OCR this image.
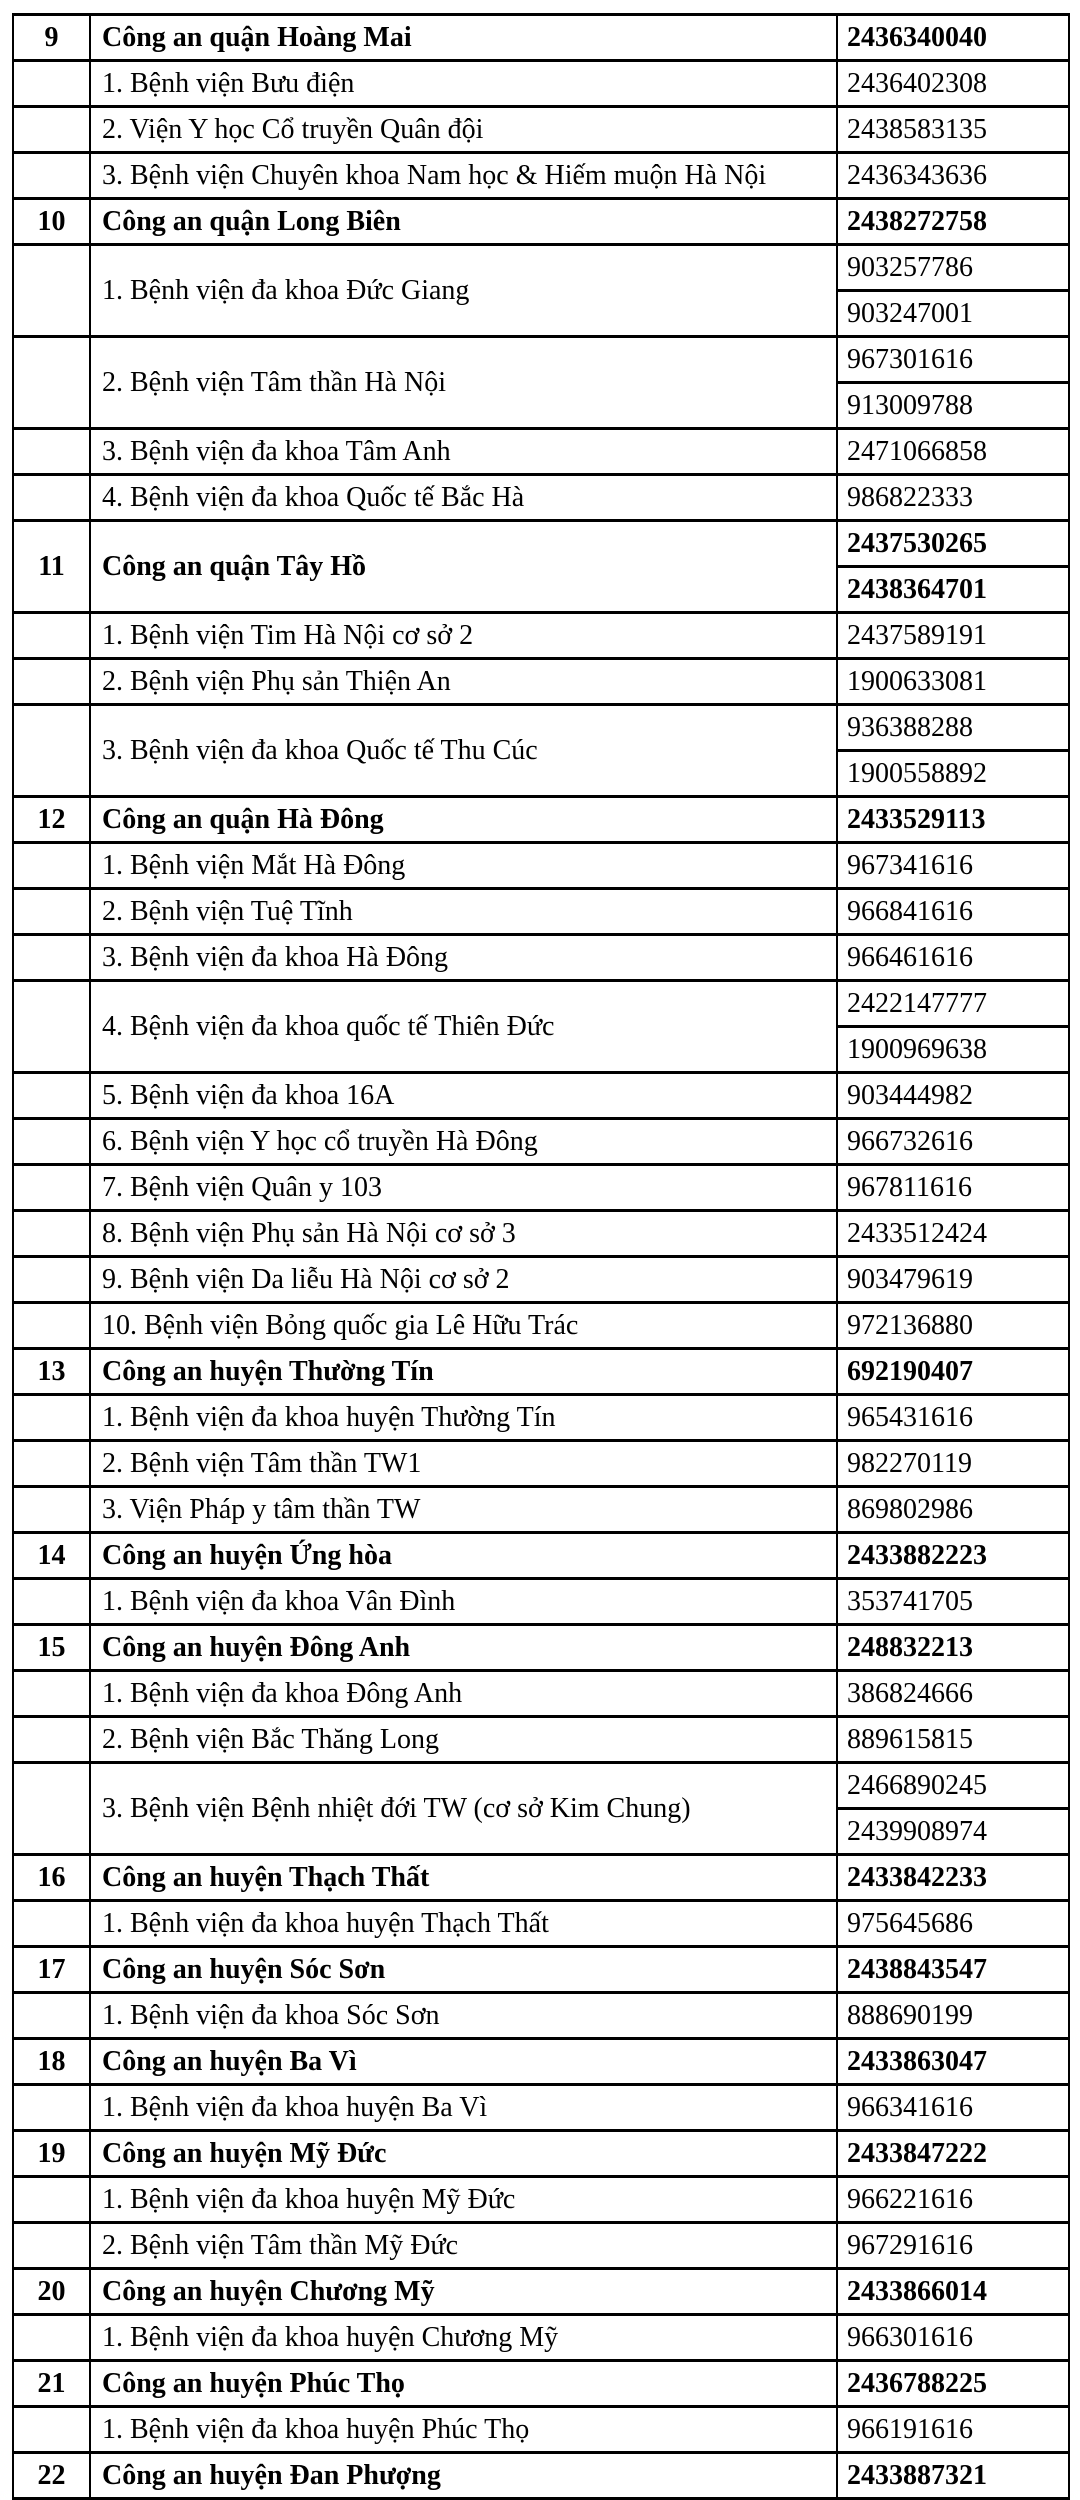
9	Công an quận Hoàng Mai	2436340040
	1. Bệnh viện Bưu điện	2436402308
	2. Viện Y học Cổ truyền Quân đội	2438583135
	3. Bệnh viện Chuyên khoa Nam học & Hiếm muộn Hà Nội	2436343636
10	Công an quận Long Biên	2438272758
	1. Bệnh viện đa khoa Đức Giang	903257786
		903247001
	2. Bệnh viện Tâm thần Hà Nội	967301616
		913009788
	3. Bệnh viện đa khoa Tâm Anh	2471066858
	4. Bệnh viện đa khoa Quốc tế Bắc Hà	986822333
11	Công an quận Tây Hồ	2437530265
		2438364701
	1. Bệnh viện Tim Hà Nội cơ sở 2	2437589191
	2. Bệnh viện Phụ sản Thiện An	1900633081
	3. Bệnh viện đa khoa Quốc tế Thu Cúc	936388288
		1900558892
12	Công an quận Hà Đông	2433529113
	1. Bệnh viện Mắt Hà Đông	967341616
	2. Bệnh viện Tuệ Tĩnh	966841616
	3. Bệnh viện đa khoa Hà Đông	966461616
	4. Bệnh viện đa khoa quốc tế Thiên Đức	2422147777
		1900969638
	5. Bệnh viện đa khoa 16A	903444982
	6. Bệnh viện Y học cổ truyền Hà Đông	966732616
	7. Bệnh viện Quân y 103	967811616
	8. Bệnh viện Phụ sản Hà Nội cơ sở 3	2433512424
	9. Bệnh viện Da liễu Hà Nội cơ sở 2	903479619
	10. Bệnh viện Bỏng quốc gia Lê Hữu Trác	972136880
13	Công an huyện Thường Tín	692190407
	1. Bệnh viện đa khoa huyện Thường Tín	965431616
	2. Bệnh viện Tâm thần TW1	982270119
	3. Viện Pháp y tâm thần TW	869802986
14	Công an huyện Ứng hòa	2433882223
	1. Bệnh viện đa khoa Vân Đình	353741705
15	Công an huyện Đông Anh	248832213
	1. Bệnh viện đa khoa Đông Anh	386824666
	2. Bệnh viện Bắc Thăng Long	889615815
	3. Bệnh viện Bệnh nhiệt đới TW (cơ sở Kim Chung)	2466890245
		2439908974
16	Công an huyện Thạch Thất	2433842233
	1. Bệnh viện đa khoa huyện Thạch Thất	975645686
17	Công an huyện Sóc Sơn	2438843547
	1. Bệnh viện đa khoa Sóc Sơn	888690199
18	Công an huyện Ba Vì	2433863047
	1. Bệnh viện đa khoa huyện Ba Vì	966341616
19	Công an huyện Mỹ Đức	2433847222
	1. Bệnh viện đa khoa huyện Mỹ Đức	966221616
	2. Bệnh viện Tâm thần Mỹ Đức	967291616
20	Công an huyện Chương Mỹ	2433866014
	1. Bệnh viện đa khoa huyện Chương Mỹ	966301616
21	Công an huyện Phúc Thọ	2436788225
	1. Bệnh viện đa khoa huyện Phúc Thọ	966191616
22	Công an huyện Đan Phượng	2433887321
